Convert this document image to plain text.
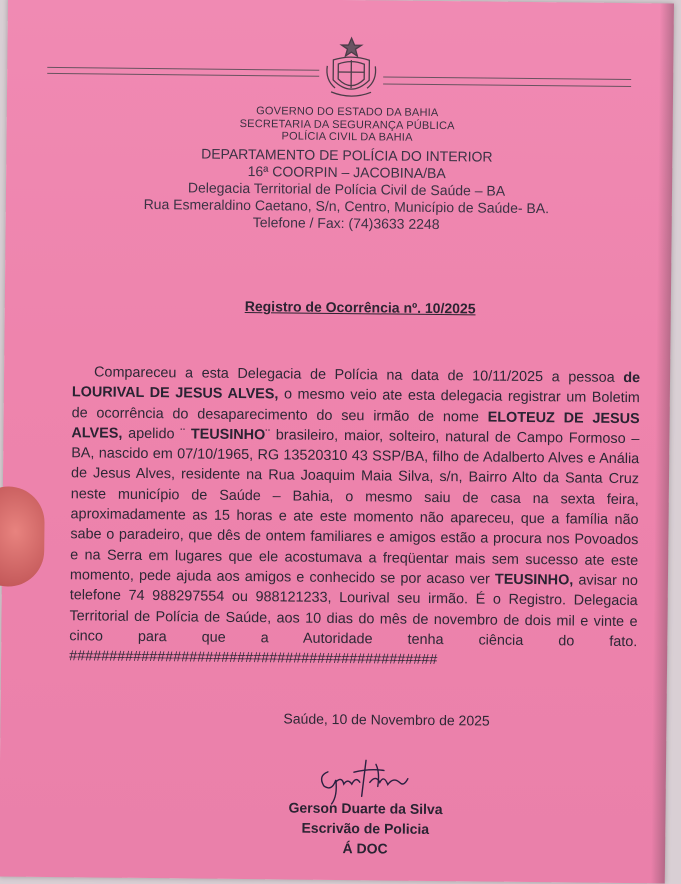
GOVERNO DO ESTADO DA BAHIA
SECRETARIA DA SEGURANÇA PÚBLICA
POLÍCIA CIVIL DA BAHIA
DEPARTAMENTO DE POLÍCIA DO INTERIOR
16ª COORPIN – JACOBINA/BA
Delegacia Territorial de Polícia Civil de Saúde – BA
Rua Esmeraldino Caetano, S/n, Centro, Município de Saúde- BA.
Telefone / Fax: (74)3633 2248
Registro de Ocorrência nº. 10/2025
Compareceu a esta Delegacia de Polícia na data de 10/11/2025 a pessoa de LOURIVAL DE JESUS ALVES, o mesmo veio ate esta delegacia registrar um Boletim de ocorrência do desaparecimento do seu irmão de nome ELOTEUZ DE JESUS ALVES, apelido ¨ TEUSINHO¨ brasileiro, maior, solteiro, natural de Campo Formoso – BA, nascido em 07/10/1965, RG 13520310 43 SSP/BA, filho de Adalberto Alves e Anália de Jesus Alves, residente na Rua Joaquim Maia Silva, s/n, Bairro Alto da Santa Cruz neste município de Saúde – Bahia, o mesmo saiu de casa na sexta feira, aproximadamente as 15 horas e ate este momento não apareceu, que a família não sabe o paradeiro, que dês de ontem familiares e amigos estão a procura nos Povoados e na Serra em lugares que ele acostumava a freqüentar mais sem sucesso ate este momento, pede ajuda aos amigos e conhecido se por acaso ver TEUSINHO, avisar no telefone 74 988297554 ou 988121233, Lourival seu irmão. É o Registro. Delegacia Territorial de Polícia de Saúde, aos 10 dias do mês de novembro de dois mil e vinte e cinco para que a Autoridade tenha ciência do fato. ##############################################
Saúde, 10 de Novembro de 2025
Gerson Duarte da Silva
Escrivão de Policia
Á DOC
